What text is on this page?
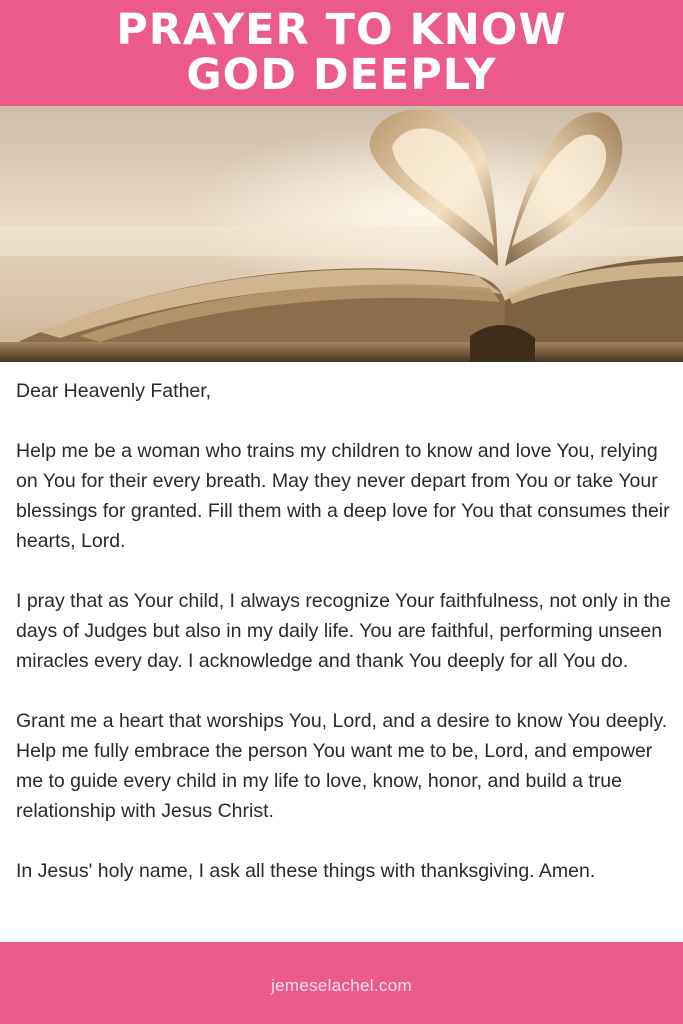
PRAYER TO KNOW
GOD DEEPLY

Dear Heavenly Father,

Help me be a woman who trains my children to know and love You, relying on You for their every breath. May they never depart from You or take Your blessings for granted. Fill them with a deep love for You that consumes their hearts, Lord.

I pray that as Your child, I always recognize Your faithfulness, not only in the days of Judges but also in my daily life. You are faithful, performing unseen miracles every day. I acknowledge and thank You deeply for all You do.

Grant me a heart that worships You, Lord, and a desire to know You deeply. Help me fully embrace the person You want me to be, Lord, and empower me to guide every child in my life to love, know, honor, and build a true relationship with Jesus Christ.

In Jesus' holy name, I ask all these things with thanksgiving. Amen.

jemeselachel.com
